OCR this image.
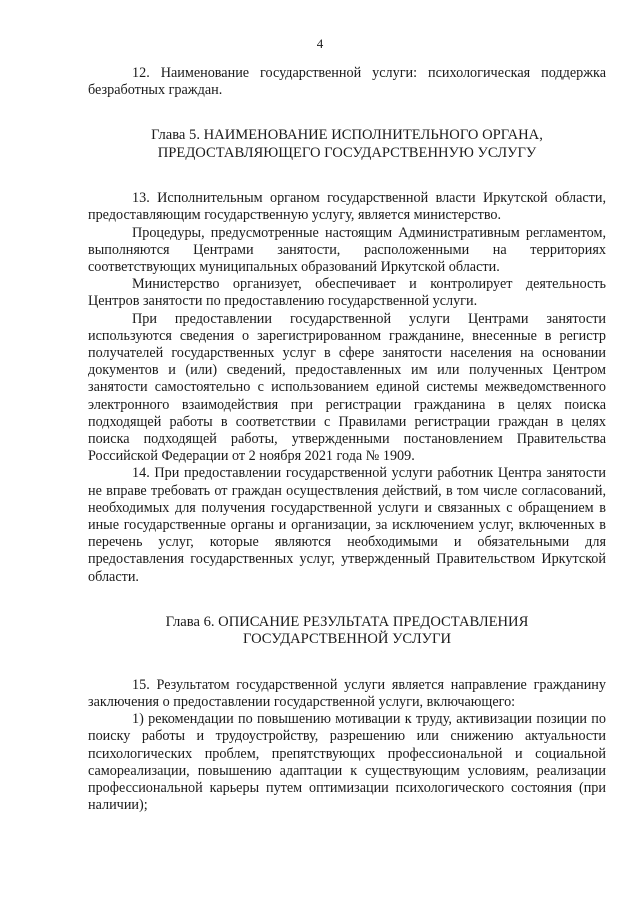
4

12. Наименование государственной услуги: психологическая поддержка безработных граждан.

Глава 5. НАИМЕНОВАНИЕ ИСПОЛНИТЕЛЬНОГО ОРГАНА,
ПРЕДОСТАВЛЯЮЩЕГО ГОСУДАРСТВЕННУЮ УСЛУГУ

13. Исполнительным органом государственной власти Иркутской области, предоставляющим государственную услугу, является министерство.

Процедуры, предусмотренные настоящим Административным регламентом, выполняются Центрами занятости, расположенными на территориях соответствующих муниципальных образований Иркутской области.

Министерство организует, обеспечивает и контролирует деятельность Центров занятости по предоставлению государственной услуги.

При предоставлении государственной услуги Центрами занятости используются сведения о зарегистрированном гражданине, внесенные в регистр получателей государственных услуг в сфере занятости населения на основании документов и (или) сведений, предоставленных им или полученных Центром занятости самостоятельно с использованием единой системы межведомственного электронного взаимодействия при регистрации гражданина в целях поиска подходящей работы в соответствии с Правилами регистрации граждан в целях поиска подходящей работы, утвержденными постановлением Правительства Российской Федерации от 2 ноября 2021 года № 1909.

14. При предоставлении государственной услуги работник Центра занятости не вправе требовать от граждан осуществления действий, в том числе согласований, необходимых для получения государственной услуги и связанных с обращением в иные государственные органы и организации, за исключением услуг, включенных в перечень услуг, которые являются необходимыми и обязательными для предоставления государственных услуг, утвержденный Правительством Иркутской области.

Глава 6. ОПИСАНИЕ РЕЗУЛЬТАТА ПРЕДОСТАВЛЕНИЯ
ГОСУДАРСТВЕННОЙ УСЛУГИ

15. Результатом государственной услуги является направление гражданину заключения о предоставлении государственной услуги, включающего:

1) рекомендации по повышению мотивации к труду, активизации позиции по поиску работы и трудоустройству, разрешению или снижению актуальности психологических проблем, препятствующих профессиональной и социальной самореализации, повышению адаптации к существующим условиям, реализации профессиональной карьеры путем оптимизации психологического состояния (при наличии);
